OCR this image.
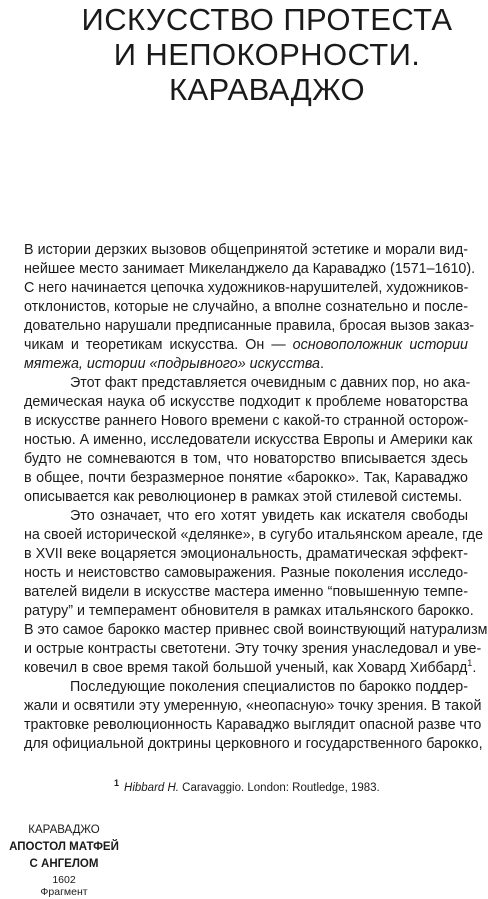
ИСКУССТВО ПРОТЕСТА
И НЕПОКОРНОСТИ.
КАРАВАДЖО
В истории дерзких вызовов общепринятой эстетике и морали вид-
нейшее место занимает Микеланджело да Караваджо (1571–1610).
С него начинается цепочка художников-нарушителей, художников-
отклонистов, которые не случайно, а вполне сознательно и после-
довательно нарушали предписанные правила, бросая вызов заказ-
чикам и теоретикам искусства. Он — основоположник истории
мятежа, истории «подрывного» искусства.
Этот факт представляется очевидным с давних пор, но ака-
демическая наука об искусстве подходит к проблеме новаторства
в искусстве раннего Нового времени с какой-то странной осторож-
ностью. А именно, исследователи искусства Европы и Америки как
будто не сомневаются в том, что новаторство вписывается здесь
в общее, почти безразмерное понятие «барокко». Так, Караваджо
описывается как революционер в рамках этой стилевой системы.
Это означает, что его хотят увидеть как искателя свободы
на своей исторической «делянке», в сугубо итальянском ареале, где
в XVII веке воцаряется эмоциональность, драматическая эффект-
ность и неистовство самовыражения. Разные поколения исследо-
вателей видели в искусстве мастера именно “повышенную темпе-
ратуру” и темперамент обновителя в рамках итальянского барокко.
В это самое барокко мастер привнес свой воинствующий натурализм
и острые контрасты светотени. Эту точку зрения унаследовал и уве-
ковечил в свое время такой большой ученый, как Ховард Хиббард$^1$.
Последующие поколения специалистов по барокко поддер-
жали и освятили эту умеренную, «неопасную» точку зрения. В такой
трактовке революционность Караваджо выглядит опасной разве что
для официальной доктрины церковного и государственного барокко,
$^1$ Hibbard H. Caravaggio. London: Routledge, 1983.
КАРАВАДЖО
АПОСТОЛ МАТФЕЙ
С АНГЕЛОМ
1602
Фрагмент
